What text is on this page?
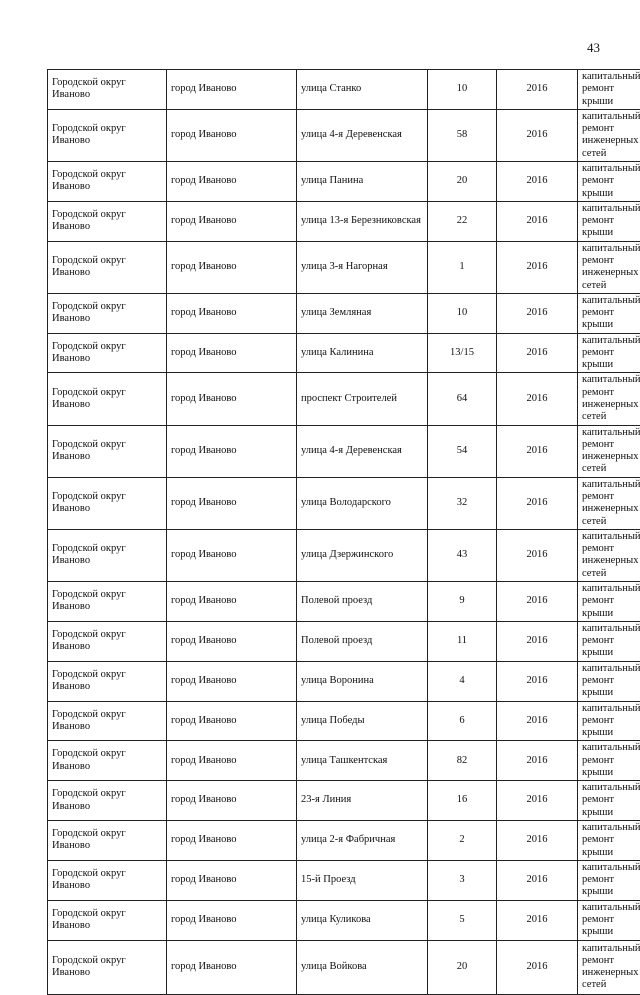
43
Городской округ Иваново	город Иваново	улица Станко	10	2016	капитальный ремонт крыши
Городской округ Иваново	город Иваново	улица 4-я Деревенская	58	2016	капитальный ремонт инженерных сетей
Городской округ Иваново	город Иваново	улица Панина	20	2016	капитальный ремонт крыши
Городской округ Иваново	город Иваново	улица 13-я Березниковская	22	2016	капитальный ремонт крыши
Городской округ Иваново	город Иваново	улица 3-я Нагорная	1	2016	капитальный ремонт инженерных сетей
Городской округ Иваново	город Иваново	улица Земляная	10	2016	капитальный ремонт крыши
Городской округ Иваново	город Иваново	улица Калинина	13/15	2016	капитальный ремонт крыши
Городской округ Иваново	город Иваново	проспект Строителей	64	2016	капитальный ремонт инженерных сетей
Городской округ Иваново	город Иваново	улица 4-я Деревенская	54	2016	капитальный ремонт инженерных сетей
Городской округ Иваново	город Иваново	улица Володарского	32	2016	капитальный ремонт инженерных сетей
Городской округ Иваново	город Иваново	улица Дзержинского	43	2016	капитальный ремонт инженерных сетей
Городской округ Иваново	город Иваново	Полевой проезд	9	2016	капитальный ремонт крыши
Городской округ Иваново	город Иваново	Полевой проезд	11	2016	капитальный ремонт крыши
Городской округ Иваново	город Иваново	улица Воронина	4	2016	капитальный ремонт крыши
Городской округ Иваново	город Иваново	улица Победы	6	2016	капитальный ремонт крыши
Городской округ Иваново	город Иваново	улица Ташкентская	82	2016	капитальный ремонт крыши
Городской округ Иваново	город Иваново	23-я Линия	16	2016	капитальный ремонт крыши
Городской округ Иваново	город Иваново	улица 2-я Фабричная	2	2016	капитальный ремонт крыши
Городской округ Иваново	город Иваново	15-й Проезд	3	2016	капитальный ремонт крыши
Городской округ Иваново	город Иваново	улица Куликова	5	2016	капитальный ремонт крыши
Городской округ Иваново	город Иваново	улица Войкова	20	2016	капитальный ремонт инженерных сетей
